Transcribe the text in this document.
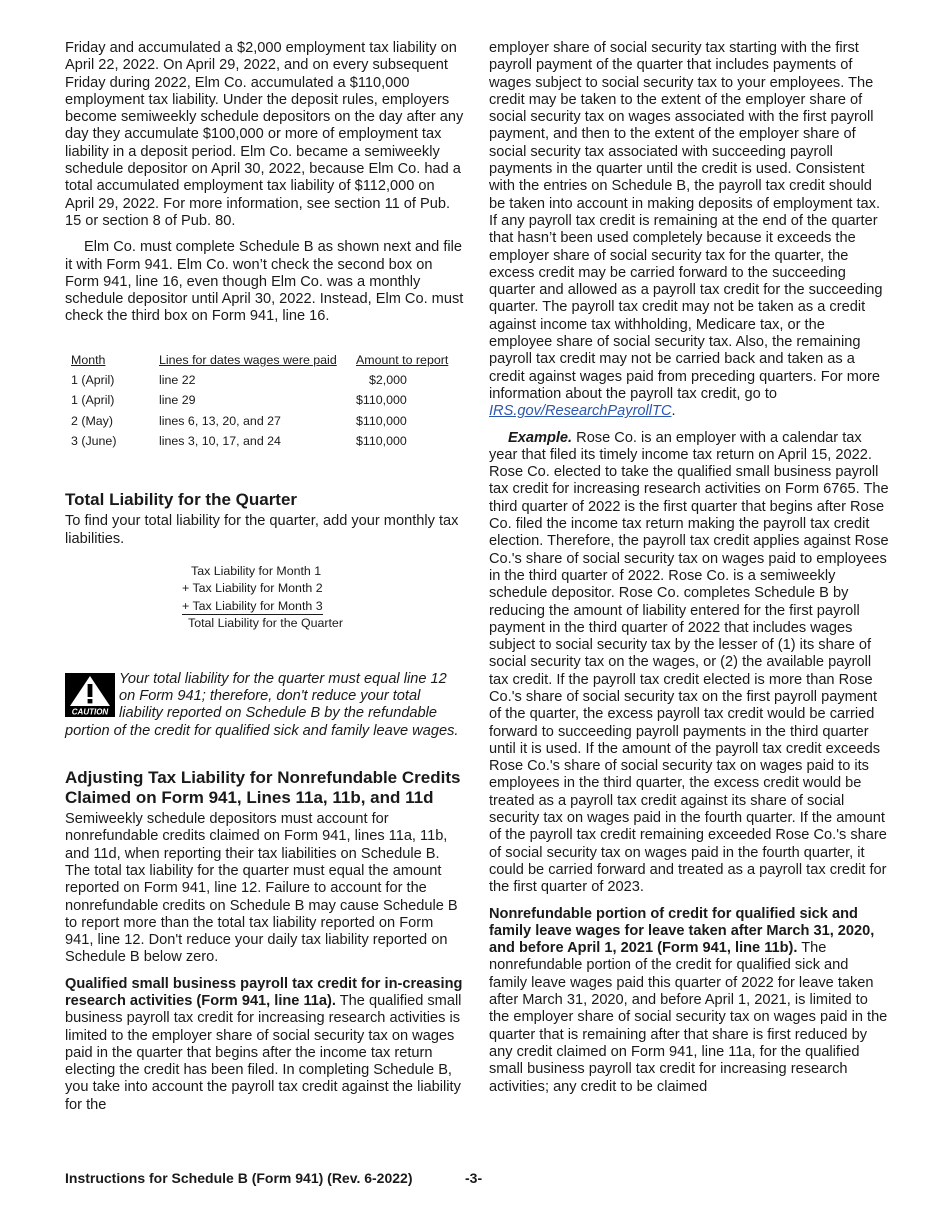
Friday and accumulated a $2,000 employment tax liability on April 22, 2022. On April 29, 2022, and on every subsequent Friday during 2022, Elm Co. accumulated a $110,000 employment tax liability. Under the deposit rules, employers become semiweekly schedule depositors on the day after any day they accumulate $100,000 or more of employment tax liability in a deposit period. Elm Co. became a semiweekly schedule depositor on April 30, 2022, because Elm Co. had a total accumulated employment tax liability of $112,000 on April 29, 2022. For more information, see section 11 of Pub. 15 or section 8 of Pub. 80.

Elm Co. must complete Schedule B as shown next and file it with Form 941. Elm Co. won’t check the second box on Form 941, line 16, even though Elm Co. was a monthly schedule depositor until April 30, 2022. Instead, Elm Co. must check the third box on Form 941, line 16.

Month	Lines for dates wages were paid	Amount to report
1 (April)	line 22	$2,000
1 (April)	line 29	$110,000
2 (May)	lines 6, 13, 20, and 27	$110,000
3 (June)	lines 3, 10, 17, and 24	$110,000
Total Liability for the Quarter

To find your total liability for the quarter, add your monthly tax liabilities.

Tax Liability for Month 1
+ Tax Liability for Month 2
+ Tax Liability for Month 3
Total Liability for the Quarter
CAUTION
Your total liability for the quarter must equal line 12 on Form 941; therefore, don't reduce your total liability reported on Schedule B by the refundable portion of the credit for qualified sick and family leave wages.
Adjusting Tax Liability for Nonrefundable Credits Claimed on Form 941, Lines 11a, 11b, and 11d

Semiweekly schedule depositors must account for nonrefundable credits claimed on Form 941, lines 11a, 11b, and 11d, when reporting their tax liabilities on Schedule B. The total tax liability for the quarter must equal the amount reported on Form 941, line 12. Failure to account for the nonrefundable credits on Schedule B may cause Schedule B to report more than the total tax liability reported on Form 941, line 12. Don't reduce your daily tax liability reported on Schedule B below zero.

Qualified small business payroll tax credit for in-creasing research activities (Form 941, line 11a). The qualified small business payroll tax credit for increasing research activities is limited to the employer share of social security tax on wages paid in the quarter that begins after the income tax return electing the credit has been filed. In completing Schedule B, you take into account the payroll tax credit against the liability for the

employer share of social security tax starting with the first payroll payment of the quarter that includes payments of wages subject to social security tax to your employees. The credit may be taken to the extent of the employer share of social security tax on wages associated with the first payroll payment, and then to the extent of the employer share of social security tax associated with succeeding payroll payments in the quarter until the credit is used. Consistent with the entries on Schedule B, the payroll tax credit should be taken into account in making deposits of employment tax. If any payroll tax credit is remaining at the end of the quarter that hasn’t been used completely because it exceeds the employer share of social security tax for the quarter, the excess credit may be carried forward to the succeeding quarter and allowed as a payroll tax credit for the succeeding quarter. The payroll tax credit may not be taken as a credit against income tax withholding, Medicare tax, or the employee share of social security tax. Also, the remaining payroll tax credit may not be carried back and taken as a credit against wages paid from preceding quarters. For more information about the payroll tax credit, go to IRS.gov/ResearchPayrollTC.

Example. Rose Co. is an employer with a calendar tax year that filed its timely income tax return on April 15, 2022. Rose Co. elected to take the qualified small business payroll tax credit for increasing research activities on Form 6765. The third quarter of 2022 is the first quarter that begins after Rose Co. filed the income tax return making the payroll tax credit election. Therefore, the payroll tax credit applies against Rose Co.'s share of social security tax on wages paid to employees in the third quarter of 2022. Rose Co. is a semiweekly schedule depositor. Rose Co. completes Schedule B by reducing the amount of liability entered for the first payroll payment in the third quarter of 2022 that includes wages subject to social security tax by the lesser of (1) its share of social security tax on the wages, or (2) the available payroll tax credit. If the payroll tax credit elected is more than Rose Co.'s share of social security tax on the first payroll payment of the quarter, the excess payroll tax credit would be carried forward to succeeding payroll payments in the third quarter until it is used. If the amount of the payroll tax credit exceeds Rose Co.'s share of social security tax on wages paid to its employees in the third quarter, the excess credit would be treated as a payroll tax credit against its share of social security tax on wages paid in the fourth quarter. If the amount of the payroll tax credit remaining exceeded Rose Co.'s share of social security tax on wages paid in the fourth quarter, it could be carried forward and treated as a payroll tax credit for the first quarter of 2023.

Nonrefundable portion of credit for qualified sick and family leave wages for leave taken after March 31, 2020, and before April 1, 2021 (Form 941, line 11b). The nonrefundable portion of the credit for qualified sick and family leave wages paid this quarter of 2022 for leave taken after March 31, 2020, and before April 1, 2021, is limited to the employer share of social security tax on wages paid in the quarter that is remaining after that share is first reduced by any credit claimed on Form 941, line 11a, for the qualified small business payroll tax credit for increasing research activities; any credit to be claimed

Instructions for Schedule B (Form 941) (Rev. 6-2022)	-3-
